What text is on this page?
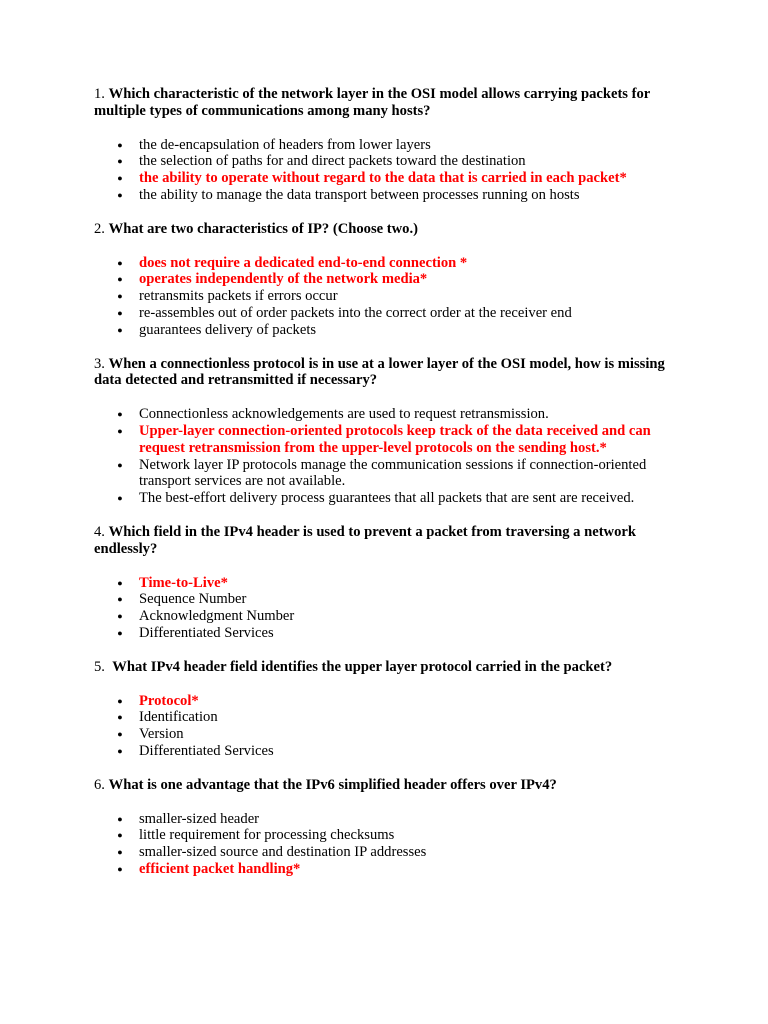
1. Which characteristic of the network layer in the OSI model allows carrying packets for multiple types of communications among many hosts?

● the de-encapsulation of headers from lower layers
● the selection of paths for and direct packets toward the destination
● the ability to operate without regard to the data that is carried in each packet*
● the ability to manage the data transport between processes running on hosts

2. What are two characteristics of IP? (Choose two.)

● does not require a dedicated end-to-end connection *
● operates independently of the network media*
● retransmits packets if errors occur
● re-assembles out of order packets into the correct order at the receiver end
● guarantees delivery of packets

3. When a connectionless protocol is in use at a lower layer of the OSI model, how is missing data detected and retransmitted if necessary?

● Connectionless acknowledgements are used to request retransmission.
● Upper-layer connection-oriented protocols keep track of the data received and can request retransmission from the upper-level protocols on the sending host.*
● Network layer IP protocols manage the communication sessions if connection-oriented transport services are not available.
● The best-effort delivery process guarantees that all packets that are sent are received.

4. Which field in the IPv4 header is used to prevent a packet from traversing a network endlessly?

● Time-to-Live*
● Sequence Number
● Acknowledgment Number
● Differentiated Services

5. What IPv4 header field identifies the upper layer protocol carried in the packet?

● Protocol*
● Identification
● Version
● Differentiated Services

6. What is one advantage that the IPv6 simplified header offers over IPv4?

● smaller-sized header
● little requirement for processing checksums
● smaller-sized source and destination IP addresses
● efficient packet handling*
